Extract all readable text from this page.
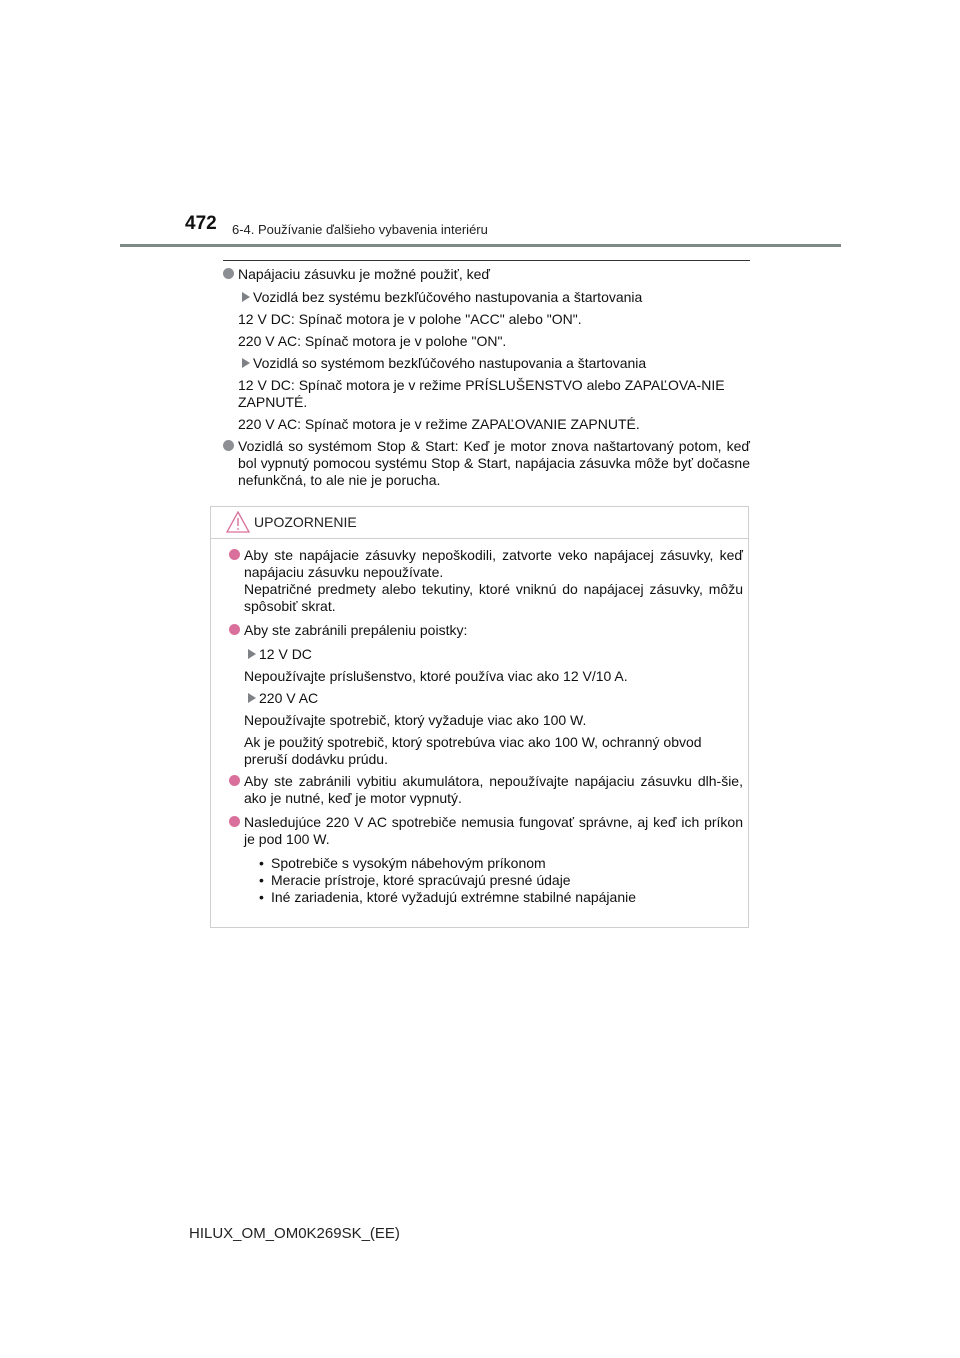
472 6-4. Používanie ďalšieho vybavenia interiéru
Napájaciu zásuvku je možné použiť, keď
Vozidlá bez systému bezkľúčového nastupovania a štartovania
12 V DC: Spínač motora je v polohe "ACC" alebo "ON".
220 V AC: Spínač motora je v polohe "ON".
Vozidlá so systémom bezkľúčového nastupovania a štartovania
12 V DC: Spínač motora je v režime PRÍSLUŠENSTVO alebo ZAPAĽOVA-NIE ZAPNUTÉ.
220 V AC: Spínač motora je v režime ZAPAĽOVANIE ZAPNUTÉ.
Vozidlá so systémom Stop & Start: Keď je motor znova naštartovaný potom, keď bol vypnutý pomocou systému Stop & Start, napájacia zásuvka môže byť dočasne nefunkčná, to ale nie je porucha.
UPOZORNENIE
Aby ste napájacie zásuvky nepoškodili, zatvorte veko napájacej zásuvky, keď napájaciu zásuvku nepoužívate.
Nepatričné predmety alebo tekutiny, ktoré vniknú do napájacej zásuvky, môžu spôsobiť skrat.
Aby ste zabránili prepáleniu poistky:
12 V DC
Nepoužívajte príslušenstvo, ktoré používa viac ako 12 V/10 A.
220 V AC
Nepoužívajte spotrebič, ktorý vyžaduje viac ako 100 W.
Ak je použitý spotrebič, ktorý spotrebúva viac ako 100 W, ochranný obvod preruší dodávku prúdu.
Aby ste zabránili vybitiu akumulátora, nepoužívajte napájaciu zásuvku dlh-šie, ako je nutné, keď je motor vypnutý.
Nasledujúce 220 V AC spotrebiče nemusia fungovať správne, aj keď ich príkon je pod 100 W.
• Spotrebiče s vysokým nábehovým príkonom
• Meracie prístroje, ktoré spracúvajú presné údaje
• Iné zariadenia, ktoré vyžadujú extrémne stabilné napájanie
HILUX_OM_OM0K269SK_(EE)
